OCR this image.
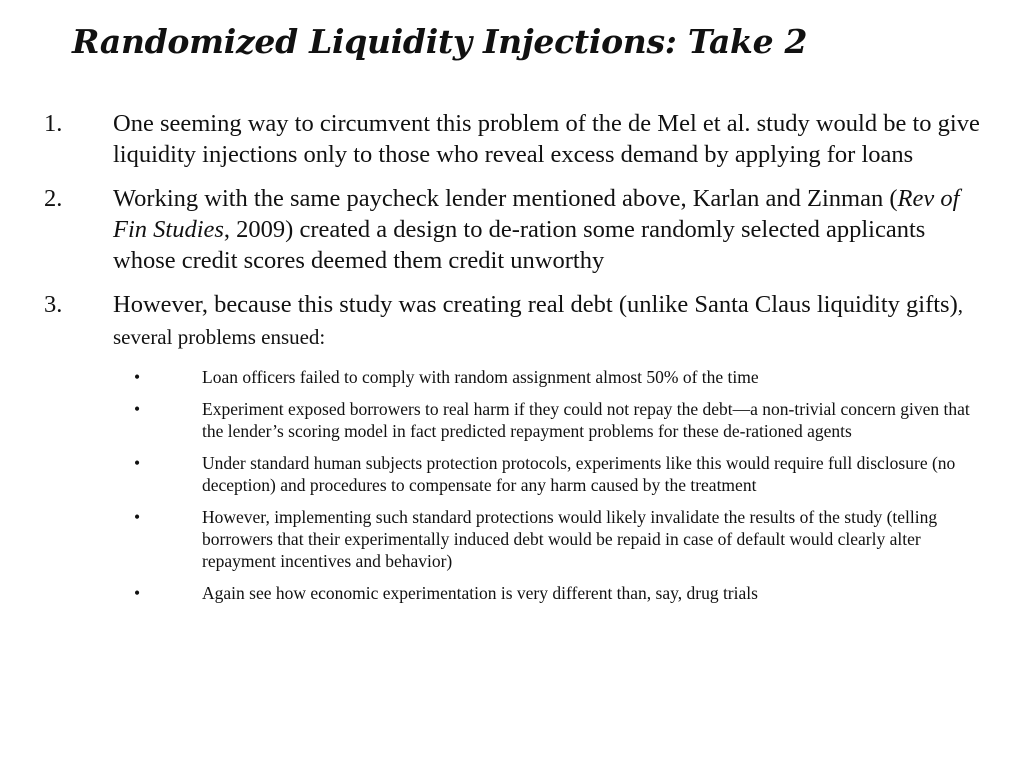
Randomized Liquidity Injections: Take 2
1.	One seeming way to circumvent this problem of the de Mel et al. study would be to give liquidity injections only to those who reveal excess demand by applying for loans
2.	Working with the same paycheck lender mentioned above, Karlan and Zinman (Rev of Fin Studies, 2009) created a design to de-ration some randomly selected applicants whose credit scores deemed them credit unworthy
3.	However, because this study was creating real debt (unlike Santa Claus liquidity gifts), several problems ensued:
•	Loan officers failed to comply with random assignment almost 50% of the time
•	Experiment exposed borrowers to real harm if they could not repay the debt—a non-trivial concern given that the lender’s scoring model in fact predicted repayment problems for these de-rationed agents
•	Under standard human subjects protection protocols, experiments like this would require full disclosure (no deception) and procedures to compensate for any harm caused by the treatment
•	However, implementing such standard protections would likely invalidate the results of the study (telling borrowers that their experimentally induced debt would be repaid in case of default would clearly alter repayment incentives and behavior)
•	Again see how economic experimentation is very different than, say, drug trials
